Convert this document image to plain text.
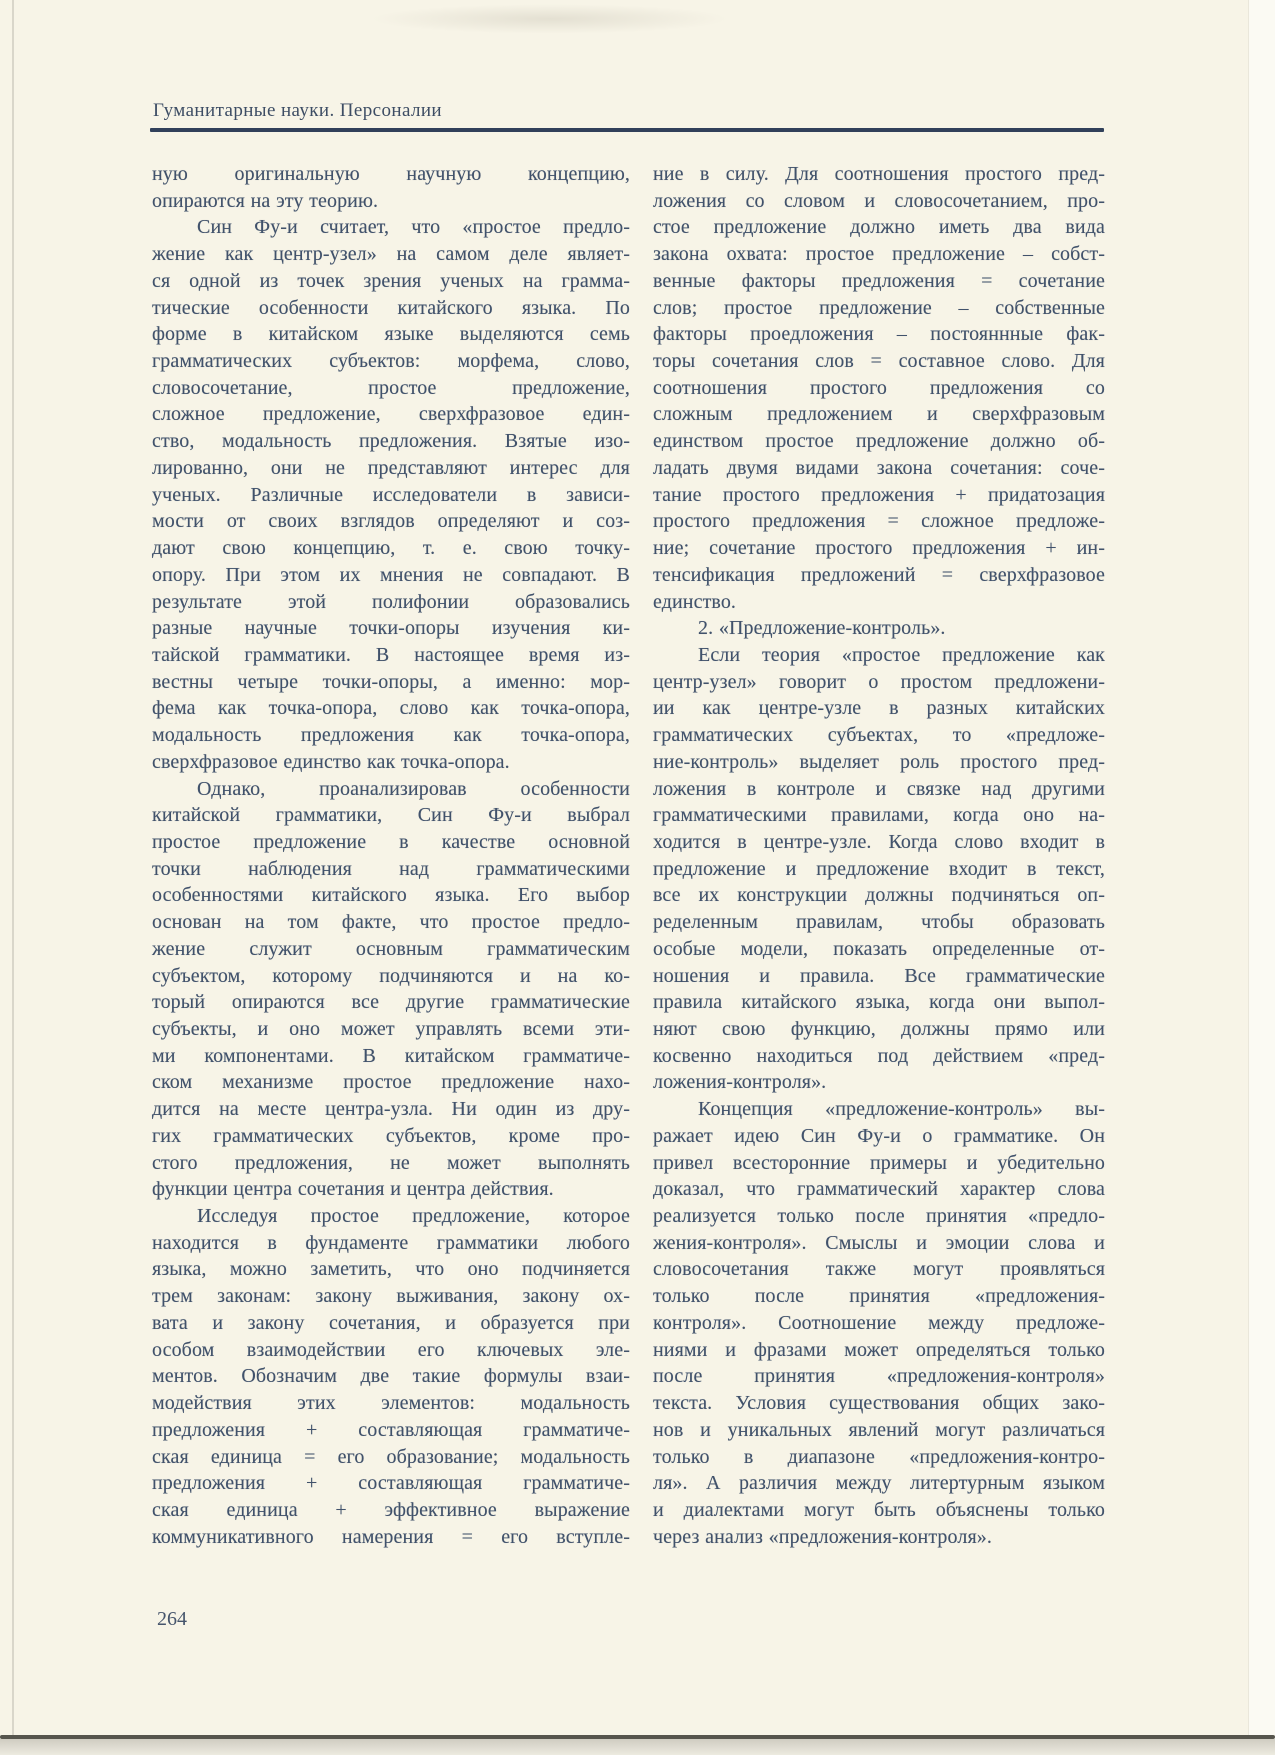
Гуманитарные науки. Персоналии
ную оригинальную научную концепцию,
опираются на эту теорию.
Син Фу-и считает, что «простое предло-
жение как центр-узел» на самом деле являет-
ся одной из точек зрения ученых на грамма-
тические особенности китайского языка. По
форме в китайском языке выделяются семь
грамматических субъектов: морфема, слово,
словосочетание, простое предложение,
сложное предложение, сверхфразовое един-
ство, модальность предложения. Взятые изо-
лированно, они не представляют интерес для
ученых. Различные исследователи в зависи-
мости от своих взглядов определяют и соз-
дают свою концепцию, т. е. свою точку-
опору. При этом их мнения не совпадают. В
результате этой полифонии образовались
разные научные точки-опоры изучения ки-
тайской грамматики. В настоящее время из-
вестны четыре точки-опоры, а именно: мор-
фема как точка-опора, слово как точка-опора,
модальность предложения как точка-опора,
сверхфразовое единство как точка-опора.
Однако, проанализировав особенности
китайской грамматики, Син Фу-и выбрал
простое предложение в качестве основной
точки наблюдения над грамматическими
особенностями китайского языка. Его выбор
основан на том факте, что простое предло-
жение служит основным грамматическим
субъектом, которому подчиняются и на ко-
торый опираются все другие грамматические
субъекты, и оно может управлять всеми эти-
ми компонентами. В китайском грамматиче-
ском механизме простое предложение нахо-
дится на месте центра-узла. Ни один из дру-
гих грамматических субъектов, кроме про-
стого предложения, не может выполнять
функции центра сочетания и центра действия.
Исследуя простое предложение, которое
находится в фундаменте грамматики любого
языка, можно заметить, что оно подчиняется
трем законам: закону выживания, закону ох-
вата и закону сочетания, и образуется при
особом взаимодействии его ключевых эле-
ментов. Обозначим две такие формулы взаи-
модействия этих элементов: модальность
предложения + составляющая грамматиче-
ская единица = его образование; модальность
предложения + составляющая грамматиче-
ская единица + эффективное выражение
коммуникативного намерения = его вступле-
ние в силу. Для соотношения простого пред-
ложения со словом и словосочетанием, про-
стое предложение должно иметь два вида
закона охвата: простое предложение – собст-
венные факторы предложения = сочетание
слов; простое предложение – собственные
факторы проедложения – постояннные фак-
торы сочетания слов = составное слово. Для
соотношения простого предложения со
сложным предложением и сверхфразовым
единством простое предложение должно об-
ладать двумя видами закона сочетания: соче-
тание простого предложения + придатозация
простого предложения = сложное предложе-
ние; сочетание простого предложения + ин-
тенсификация предложений = сверхфразовое
единство.
2. «Предложение-контроль».
Если теория «простое предложение как
центр-узел» говорит о простом предложени-
ии как центре-узле в разных китайских
грамматических субъектах, то «предложе-
ние-контроль» выделяет роль простого пред-
ложения в контроле и связке над другими
грамматическими правилами, когда оно на-
ходится в центре-узле. Когда слово входит в
предложение и предложение входит в текст,
все их конструкции должны подчиняться оп-
ределенным правилам, чтобы образовать
особые модели, показать определенные от-
ношения и правила. Все грамматические
правила китайского языка, когда они выпол-
няют свою функцию, должны прямо или
косвенно находиться под действием «пред-
ложения-контроля».
Концепция «предложение-контроль» вы-
ражает идею Син Фу-и о грамматике. Он
привел всесторонние примеры и убедительно
доказал, что грамматический характер слова
реализуется только после принятия «предло-
жения-контроля». Смыслы и эмоции слова и
словосочетания также могут проявляться
только после принятия «предложения-
контроля». Соотношение между предложе-
ниями и фразами может определяться только
после принятия «предложения-контроля»
текста. Условия существования общих зако-
нов и уникальных явлений могут различаться
только в диапазоне «предложения-контро-
ля». А различия между литертурным языком
и диалектами могут быть объяснены только
через анализ «предложения-контроля».
264
